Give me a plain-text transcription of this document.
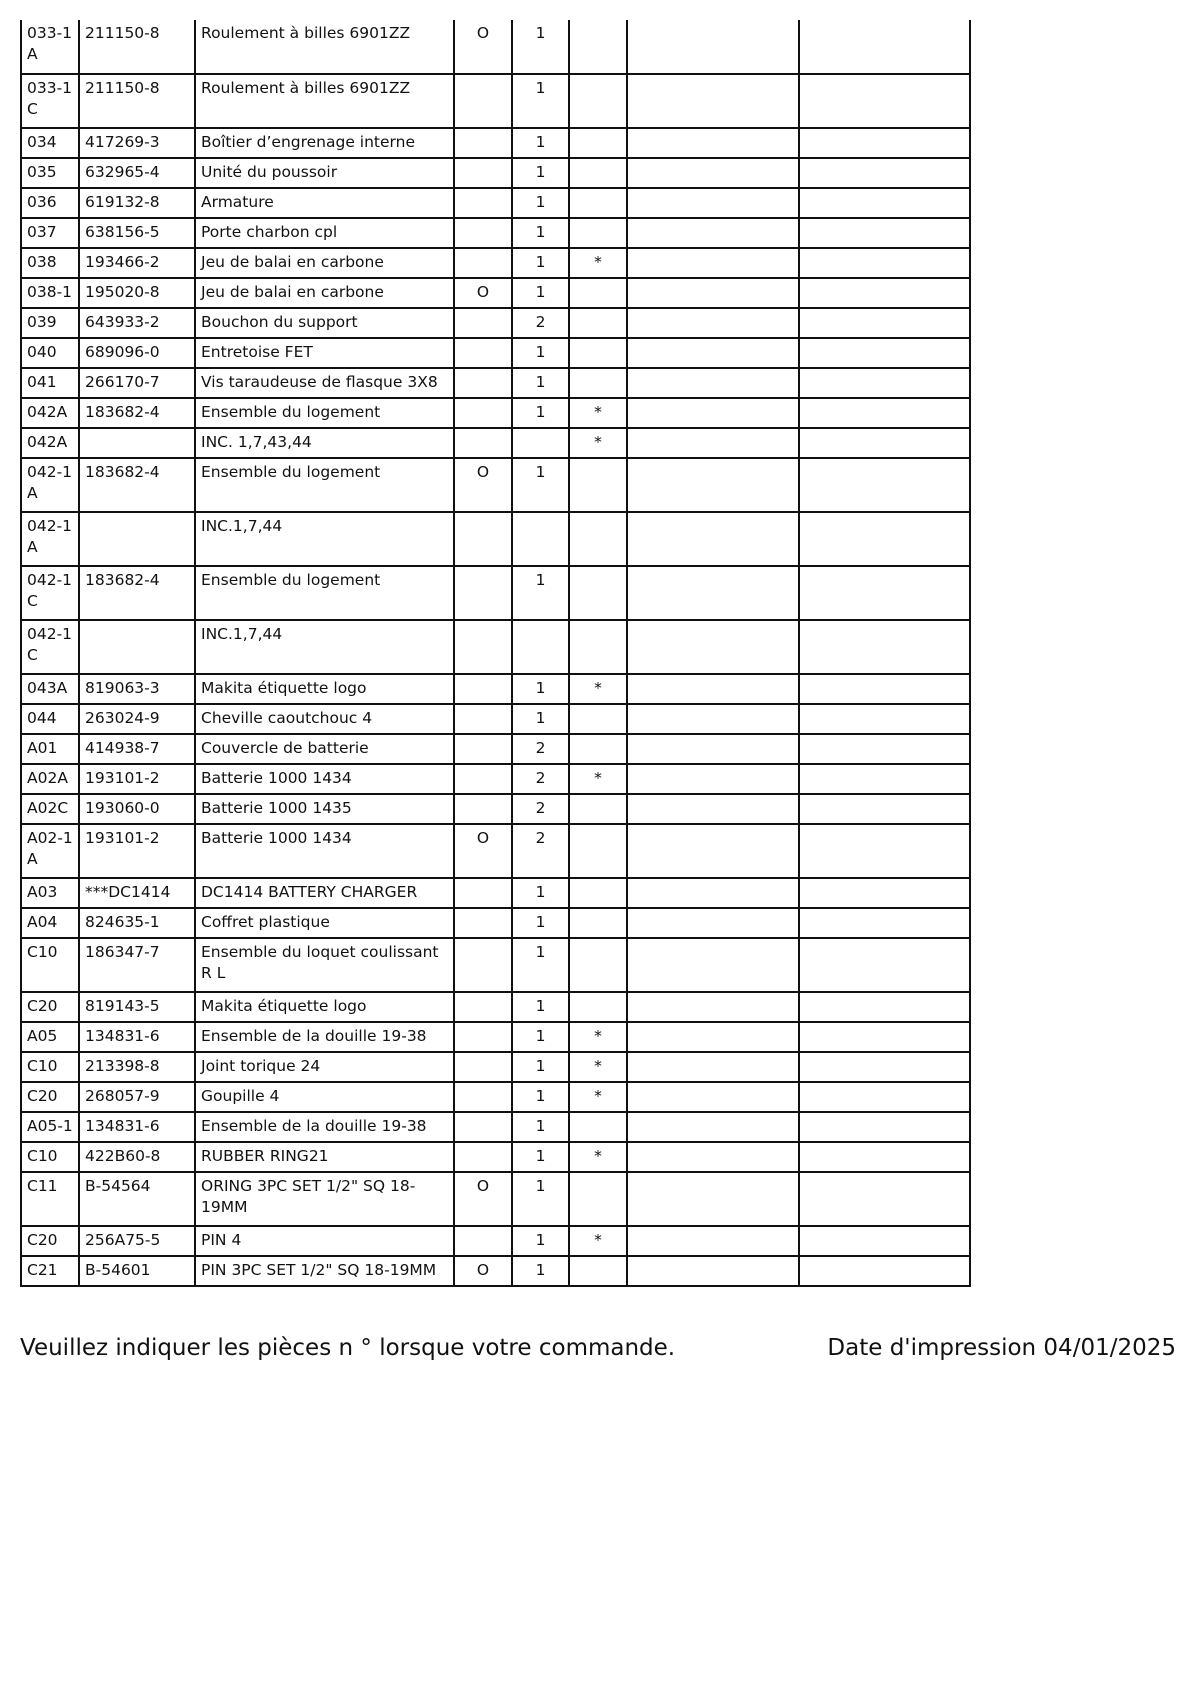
033-1A	211150-8	Roulement à billes 6901ZZ	O	1			
033-1C	211150-8	Roulement à billes 6901ZZ		1			
034	417269-3	Boîtier d’engrenage interne		1			
035	632965-4	Unité du poussoir		1			
036	619132-8	Armature		1			
037	638156-5	Porte charbon cpl		1			
038	193466-2	Jeu de balai en carbone		1	*		
038-1	195020-8	Jeu de balai en carbone	O	1			
039	643933-2	Bouchon du support		2			
040	689096-0	Entretoise FET		1			
041	266170-7	Vis taraudeuse de flasque 3X8		1			
042A	183682-4	Ensemble du logement		1	*		
042A		INC. 1,7,43,44			*		
042-1A	183682-4	Ensemble du logement	O	1			
042-1A		INC.1,7,44					
042-1C	183682-4	Ensemble du logement		1			
042-1C		INC.1,7,44					
043A	819063-3	Makita étiquette logo		1	*		
044	263024-9	Cheville caoutchouc 4		1			
A01	414938-7	Couvercle de batterie		2			
A02A	193101-2	Batterie 1000 1434		2	*		
A02C	193060-0	Batterie 1000 1435		2			
A02-1A	193101-2	Batterie 1000 1434	O	2			
A03	***DC1414	DC1414 BATTERY CHARGER		1			
A04	824635-1	Coffret plastique		1			
C10	186347-7	Ensemble du loquet coulissant R L		1			
C20	819143-5	Makita étiquette logo		1			
A05	134831-6	Ensemble de la douille 19-38		1	*		
C10	213398-8	Joint torique 24		1	*		
C20	268057-9	Goupille 4		1	*		
A05-1	134831-6	Ensemble de la douille 19-38		1			
C10	422B60-8	RUBBER RING21		1	*		
C11	B-54564	ORING 3PC SET 1/2" SQ 18-19MM	O	1			
C20	256A75-5	PIN 4		1	*		
C21	B-54601	PIN 3PC SET 1/2" SQ 18-19MM	O	1			
Veuillez indiquer les pièces n ° lorsque votre commande.	Date d'impression 04/01/2025
